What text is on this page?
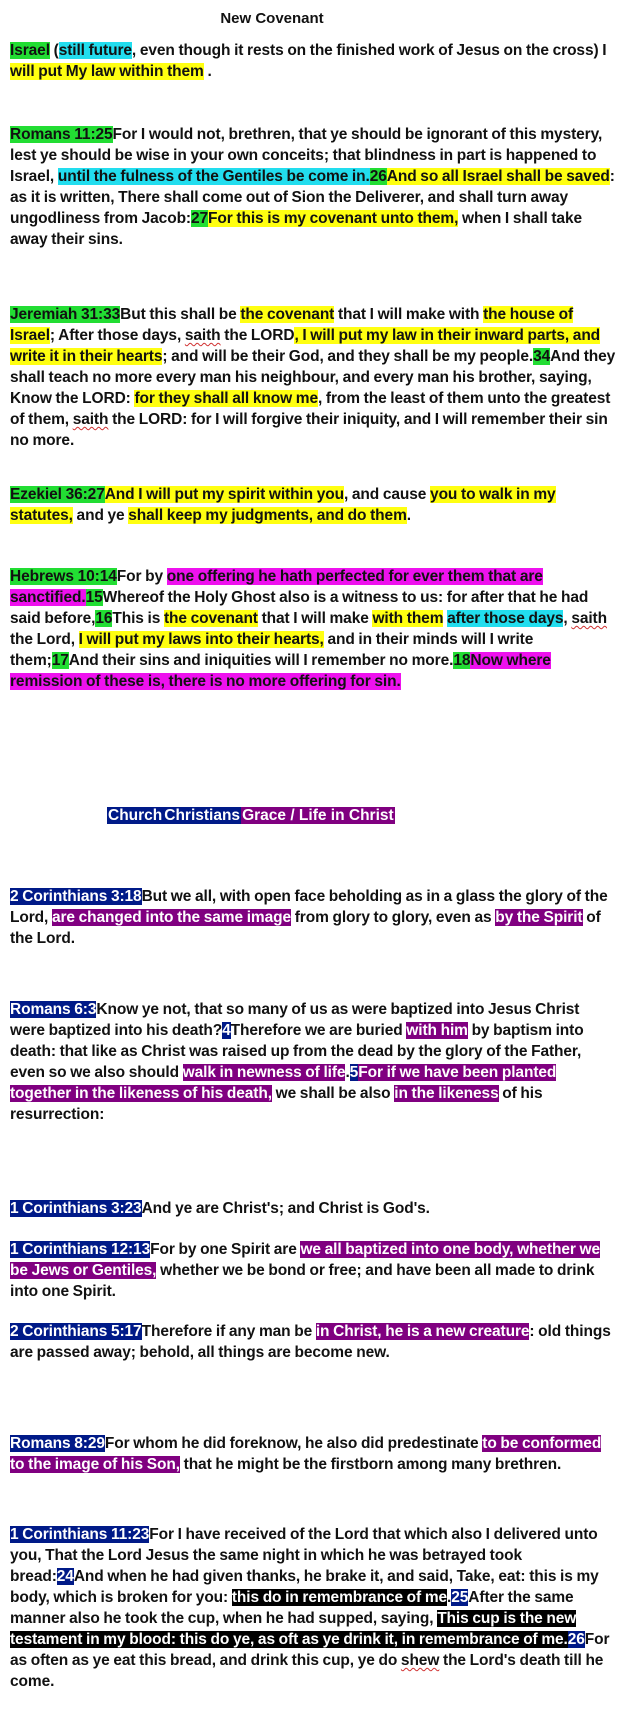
New Covenant
Israel (still future, even though it rests on the finished work of Jesus on the cross) I will put My law within them .
Romans 11:25For I would not, brethren, that ye should be ignorant of this mystery, lest ye should be wise in your own conceits; that blindness in part is happened to Israel, until the fulness of the Gentiles be come in.26And so all Israel shall be saved: as it is written, There shall come out of Sion the Deliverer, and shall turn away ungodliness from Jacob:27For this is my covenant unto them, when I shall take away their sins.
Jeremiah 31:33But this shall be the covenant that I will make with the house of Israel; After those days, saith the LORD, I will put my law in their inward parts, and write it in their hearts; and will be their God, and they shall be my people.34And they shall teach no more every man his neighbour, and every man his brother, saying, Know the LORD: for they shall all know me, from the least of them unto the greatest of them, saith the LORD: for I will forgive their iniquity, and I will remember their sin no more.
Ezekiel 36:27And I will put my spirit within you, and cause you to walk in my statutes, and ye shall keep my judgments, and do them.
Hebrews 10:14For by one offering he hath perfected for ever them that are sanctified.15Whereof the Holy Ghost also is a witness to us: for after that he had said before,16This is the covenant that I will make with them after those days, saith the Lord, I will put my laws into their hearts, and in their minds will I write them;17And their sins and iniquities will I remember no more.18Now where remission of these is, there is no more offering for sin.
Church Christians Grace / Life in Christ
2 Corinthians 3:18But we all, with open face beholding as in a glass the glory of the Lord, are changed into the same image from glory to glory, even as by the Spirit of the Lord.
Romans 6:3Know ye not, that so many of us as were baptized into Jesus Christ were baptized into his death?4Therefore we are buried with him by baptism into death: that like as Christ was raised up from the dead by the glory of the Father, even so we also should walk in newness of life.5For if we have been planted together in the likeness of his death, we shall be also in the likeness of his resurrection:
1 Corinthians 3:23And ye are Christ's; and Christ is God's.
1 Corinthians 12:13For by one Spirit are we all baptized into one body, whether we be Jews or Gentiles, whether we be bond or free; and have been all made to drink into one Spirit.
2 Corinthians 5:17Therefore if any man be in Christ, he is a new creature: old things are passed away; behold, all things are become new.
Romans 8:29For whom he did foreknow, he also did predestinate to be conformed to the image of his Son, that he might be the firstborn among many brethren.
1 Corinthians 11:23For I have received of the Lord that which also I delivered unto you, That the Lord Jesus the same night in which he was betrayed took bread:24And when he had given thanks, he brake it, and said, Take, eat: this is my body, which is broken for you: this do in remembrance of me.25After the same manner also he took the cup, when he had supped, saying, This cup is the new testament in my blood: this do ye, as oft as ye drink it, in remembrance of me.26For as often as ye eat this bread, and drink this cup, ye do shew the Lord's death till he come.
